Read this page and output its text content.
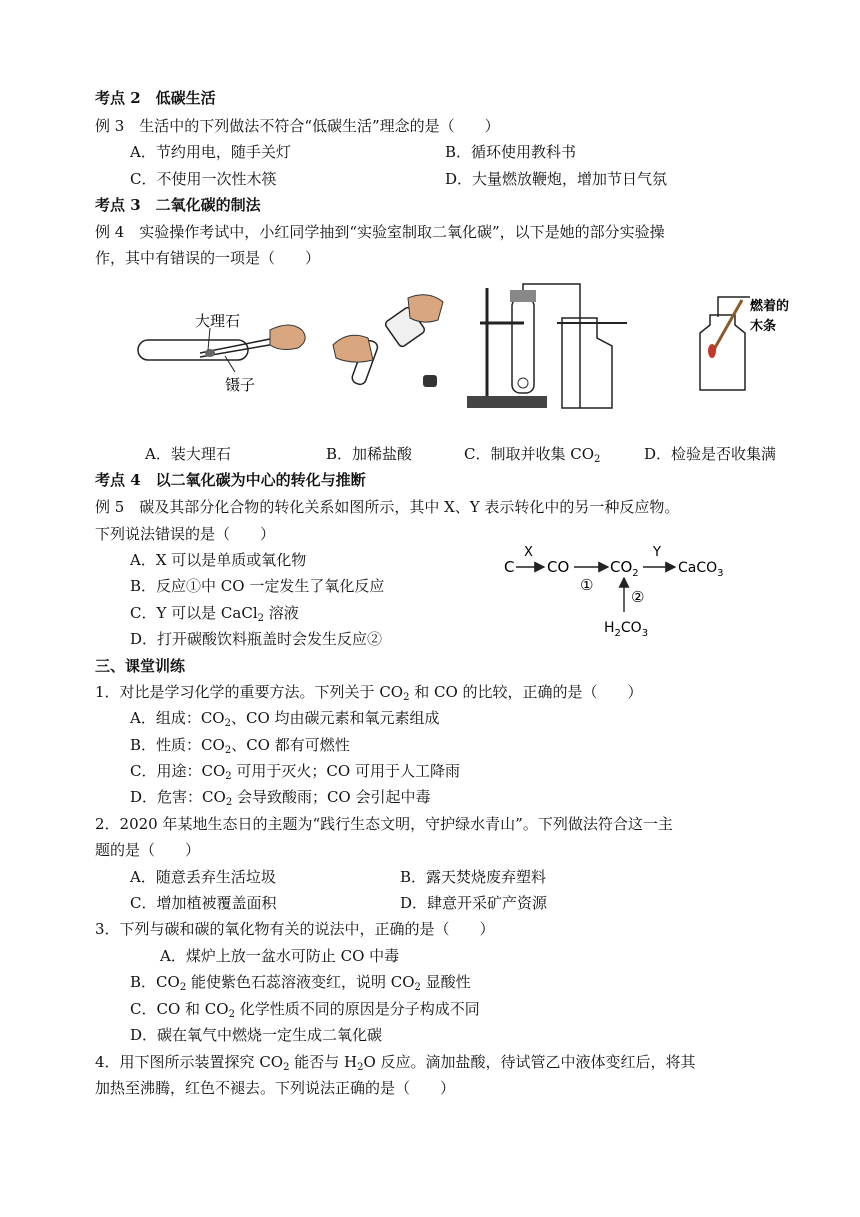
考点 2　低碳生活
例 3　生活中的下列做法不符合“低碳生活”理念的是（　　）
A．节约用电，随手关灯	B．循环使用教科书
C．不使用一次性木筷	D．大量燃放鞭炮，增加节日气氛
考点 3　二氧化碳的制法
例 4　实验操作考试中，小红同学抽到“实验室制取二氧化碳”，以下是她的部分实验操
作，其中有错误的一项是（　　）
大理石
镊子
燃着的
木条
A．装大理石	B．加稀盐酸	C．制取并收集 $CO_2$	D．检验是否收集满
考点 4　以二氧化碳为中心的转化与推断
例 5　碳及其部分化合物的转化关系如图所示，其中 X、Y 表示转化中的另一种反应物。
下列说法错误的是（　　）
A．X 可以是单质或氧化物
B．反应①中 CO 一定发生了氧化反应
C．Y 可以是 CaCl$_2$ 溶液
D．打开碳酸饮料瓶盖时会发生反应②
C
X
CO
①
$CO_2$
Y
CaCO$_3$
②
$H_2CO_3$
三、课堂训练
1．对比是学习化学的重要方法。下列关于 $CO_2$ 和 CO 的比较，正确的是（　　）
A．组成：$CO_2$、CO 均由碳元素和氧元素组成
B．性质：$CO_2$、CO 都有可燃性
C．用途：$CO_2$ 可用于灭火；CO 可用于人工降雨
D．危害：$CO_2$ 会导致酸雨；CO 会引起中毒
2．2020 年某地生态日的主题为“践行生态文明，守护绿水青山”。下列做法符合这一主
题的是（　　）
A．随意丢弃生活垃圾	B．露天焚烧废弃塑料
C．增加植被覆盖面积	D．肆意开采矿产资源
3．下列与碳和碳的氧化物有关的说法中，正确的是（　　）
A．煤炉上放一盆水可防止 CO 中毒
B．$CO_2$ 能使紫色石蕊溶液变红，说明 $CO_2$ 显酸性
C．CO 和 $CO_2$ 化学性质不同的原因是分子构成不同
D．碳在氧气中燃烧一定生成二氧化碳
4．用下图所示装置探究 $CO_2$ 能否与 $H_2O$ 反应。滴加盐酸，待试管乙中液体变红后，将其
加热至沸腾，红色不褪去。下列说法正确的是（　　）
